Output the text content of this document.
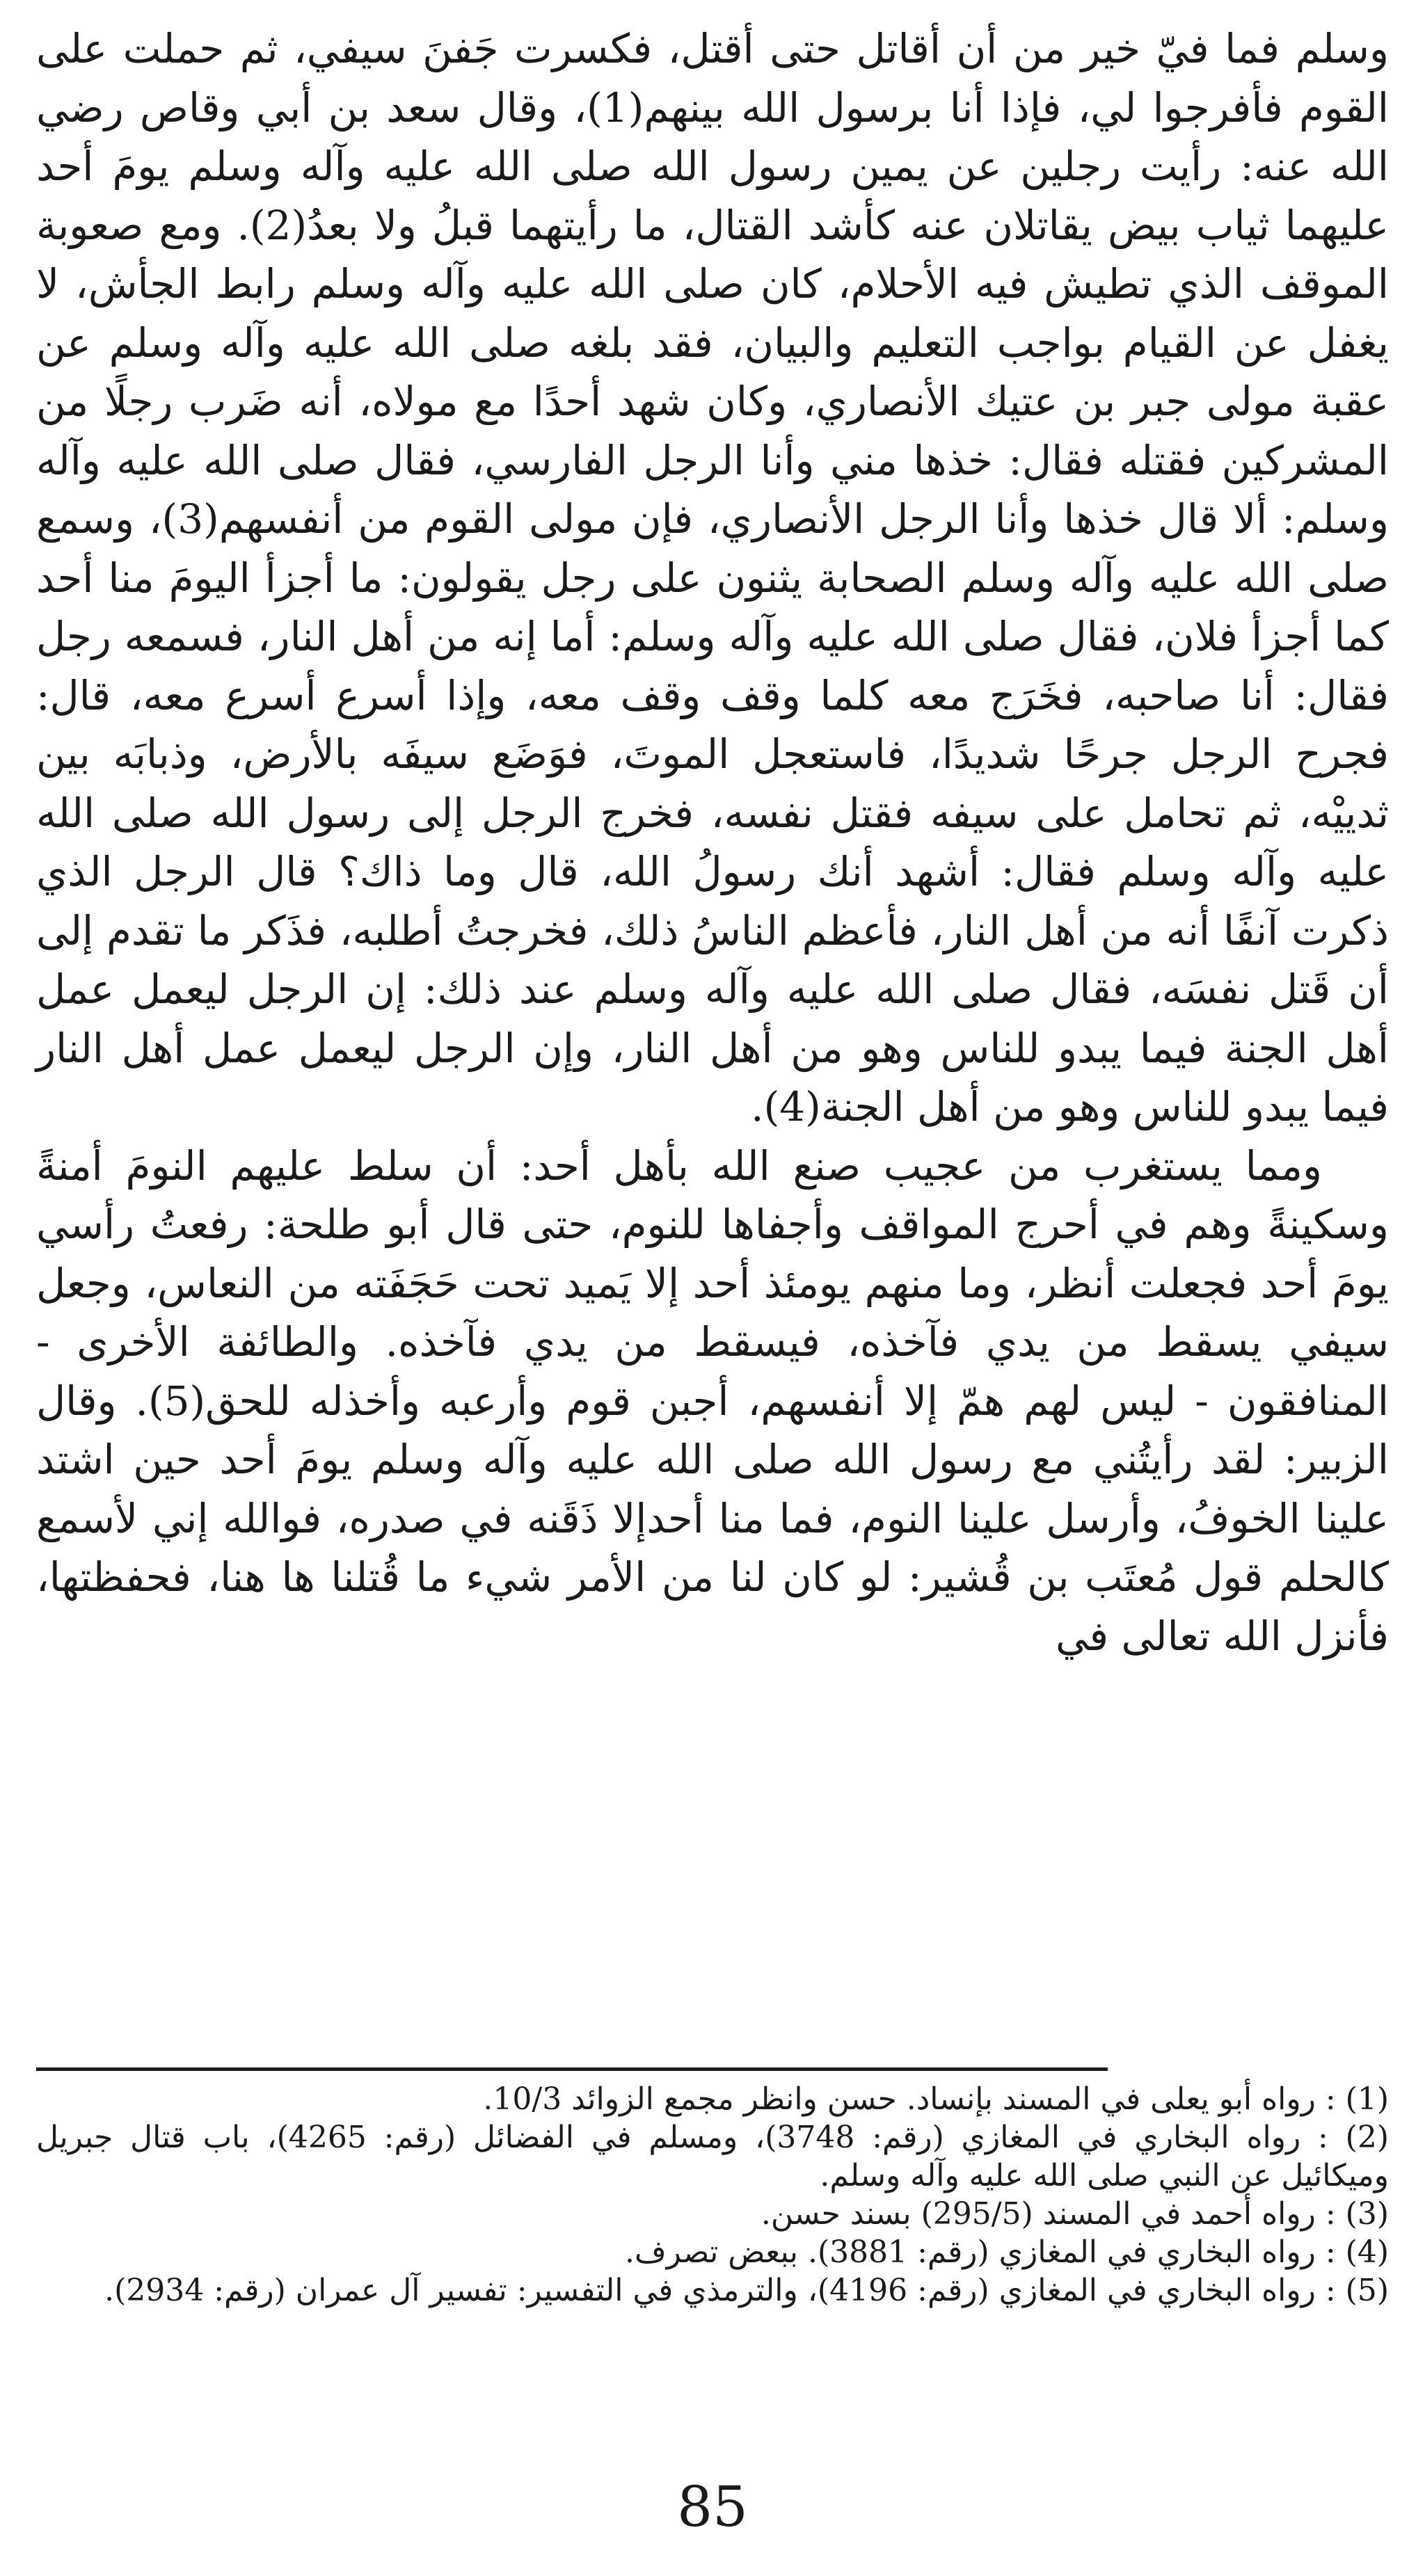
وسلم فما فيّ خير من أن أقاتل حتى أقتل، فكسرت جَفنَ سيفي، ثم حملت على القوم فأفرجوا لي، فإذا أنا برسول الله بينهم(1)، وقال سعد بن أبي وقاص رضي الله عنه: رأيت رجلين عن يمين رسول الله صلى الله عليه وآله وسلم يومَ أحد عليهما ثياب بيض يقاتلان عنه كأشد القتال، ما رأيتهما قبلُ ولا بعدُ(2). ومع صعوبة الموقف الذي تطيش فيه الأحلام، كان صلى الله عليه وآله وسلم رابط الجأش، لا يغفل عن القيام بواجب التعليم والبيان، فقد بلغه صلى الله عليه وآله وسلم عن عقبة مولى جبر بن عتيك الأنصاري، وكان شهد أحدًا مع مولاه، أنه ضَرب رجلًا من المشركين فقتله فقال: خذها مني وأنا الرجل الفارسي، فقال صلى الله عليه وآله وسلم: ألا قال خذها وأنا الرجل الأنصاري، فإن مولى القوم من أنفسهم(3)، وسمع صلى الله عليه وآله وسلم الصحابة يثنون على رجل يقولون: ما أجزأ اليومَ منا أحد كما أجزأ فلان، فقال صلى الله عليه وآله وسلم: أما إنه من أهل النار، فسمعه رجل فقال: أنا صاحبه، فخَرَج معه كلما وقف وقف معه، وإذا أسرع أسرع معه، قال: فجرح الرجل جرحًا شديدًا، فاستعجل الموتَ، فوَضَع سيفَه بالأرض، وذبابَه بين ثدييْه، ثم تحامل على سيفه فقتل نفسه، فخرج الرجل إلى رسول الله صلى الله عليه وآله وسلم فقال: أشهد أنك رسولُ الله، قال وما ذاك؟ قال الرجل الذي ذكرت آنفًا أنه من أهل النار، فأعظم الناسُ ذلك، فخرجتُ أطلبه، فذَكر ما تقدم إلى أن قَتل نفسَه، فقال صلى الله عليه وآله وسلم عند ذلك: إن الرجل ليعمل عمل أهل الجنة فيما يبدو للناس وهو من أهل النار، وإن الرجل ليعمل عمل أهل النار فيما يبدو للناس وهو من أهل الجنة(4).

ومما يستغرب من عجيب صنع الله بأهل أحد: أن سلط عليهم النومَ أمنةً وسكينةً وهم في أحرج المواقف وأجفاها للنوم، حتى قال أبو طلحة: رفعتُ رأسي يومَ أحد فجعلت أنظر، وما منهم يومئذ أحد إلا يَميد تحت حَجَفَته من النعاس، وجعل سيفي يسقط من يدي فآخذه، فيسقط من يدي فآخذه. والطائفة الأخرى - المنافقون - ليس لهم همّ إلا أنفسهم، أجبن قوم وأرعبه وأخذله للحق(5). وقال الزبير: لقد رأيتُني مع رسول الله صلى الله عليه وآله وسلم يومَ أحد حين اشتد علينا الخوفُ، وأرسل علينا النوم، فما منا أحدإلا ذَقَنه في صدره، فوالله إني لأسمع كالحلم قول مُعتَب بن قُشير: لو كان لنا من الأمر شيء ما قُتلنا ها هنا، فحفظتها، فأنزل الله تعالى في

(1) : رواه أبو يعلى في المسند بإنساد. حسن وانظر مجمع الزوائد 10/3.

(2) : رواه البخاري في المغازي (رقم: 3748)، ومسلم في الفضائل (رقم: 4265)، باب قتال جبريل وميكائيل عن النبي صلى الله عليه وآله وسلم.

(3) : رواه أحمد في المسند (295/5) بسند حسن.

(4) : رواه البخاري في المغازي (رقم: 3881). ببعض تصرف.

(5) : رواه البخاري في المغازي (رقم: 4196)، والترمذي في التفسير: تفسير آل عمران (رقم: 2934).

85
